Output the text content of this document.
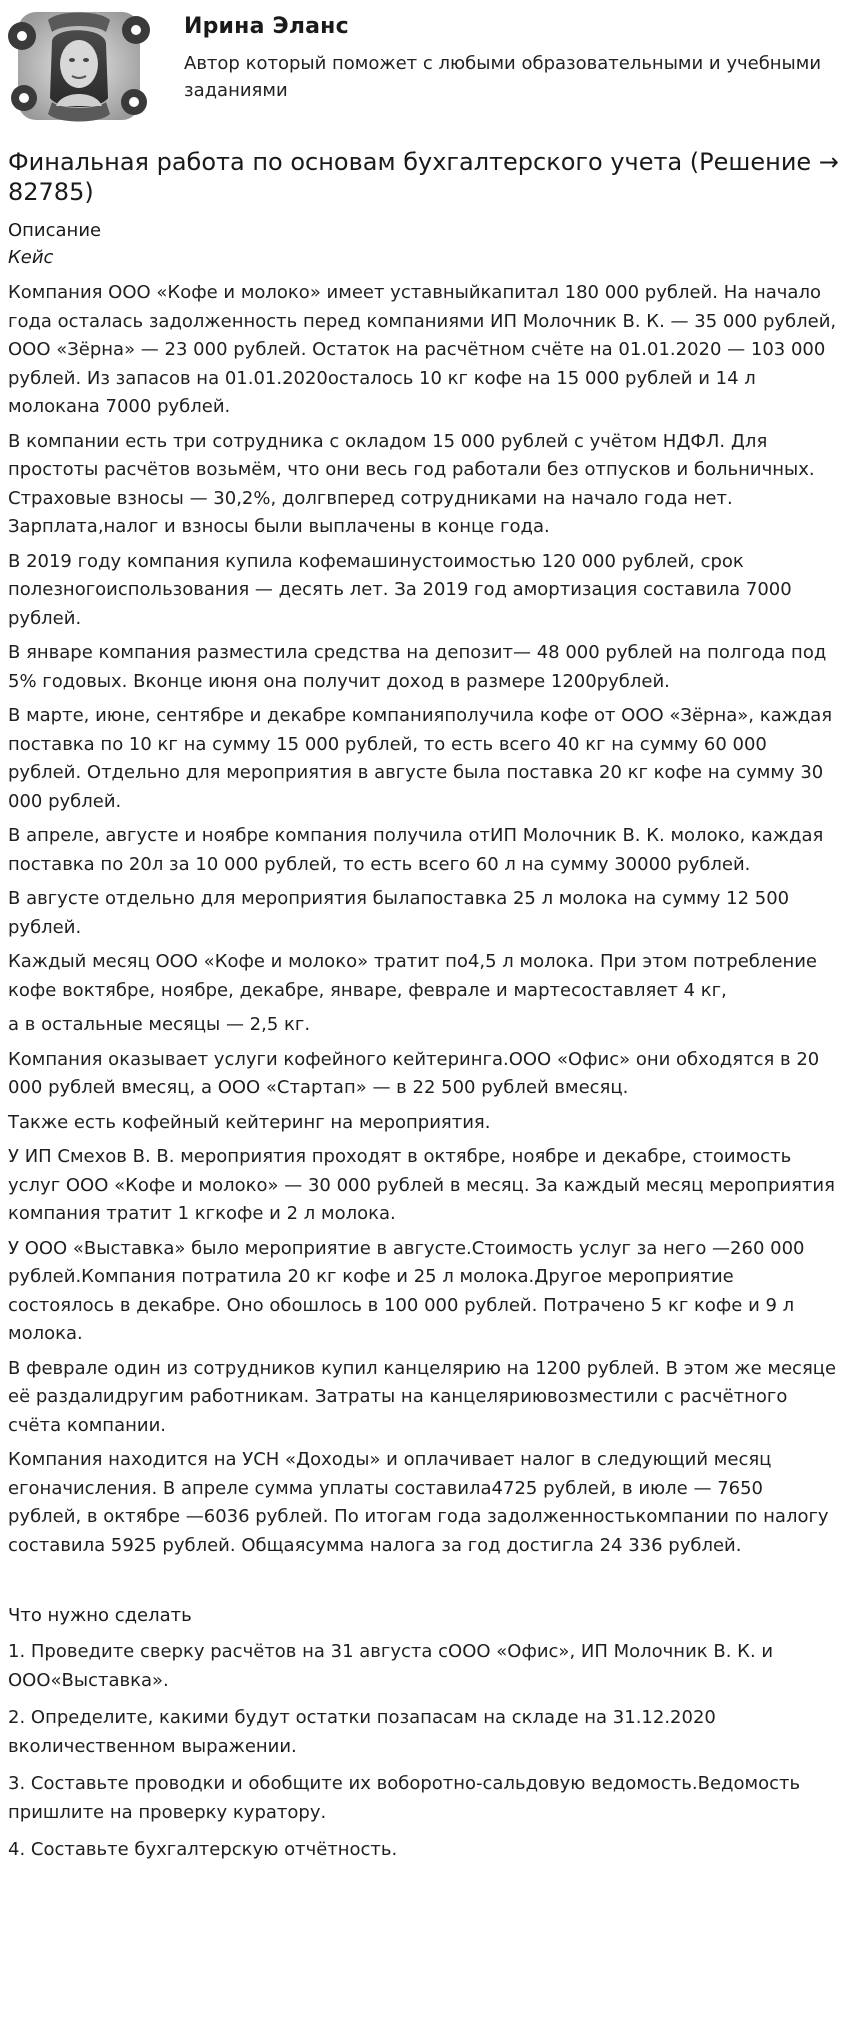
Ирина Эланс
Автор который поможет с любыми образовательными и учебными заданиями
Финальная работа по основам бухгалтерского учета (Решение → 82785)

Описание

Кейс

Компания ООО «Кофе и молоко» имеет уставныйкапитал 180 000 рублей. На начало года осталась задолженность перед компаниями ИП Молочник В. К. — 35 000 рублей, ООО «Зёрна» — 23 000 рублей. Остаток на расчётном счёте на 01.01.2020 — 103 000 рублей. Из запасов на 01.01.2020осталось 10 кг кофе на 15 000 рублей и 14 л молокана 7000 рублей.

В компании есть три сотрудника с окладом 15 000 рублей с учётом НДФЛ. Для простоты расчётов возьмём, что они весь год работали без отпусков и больничных. Страховые взносы — 30,2%, долгвперед сотрудниками на начало года нет. Зарплата,налог и взносы были выплачены в конце года.

В 2019 году компания купила кофемашинустоимостью 120 000 рублей, срок полезногоиспользования — десять лет. За 2019 год амортизация составила 7000 рублей.

В январе компания разместила средства на депозит— 48 000 рублей на полгода под 5% годовых. Вконце июня она получит доход в размере 1200рублей.

В марте, июне, сентябре и декабре компанияполучила кофе от ООО «Зёрна», каждая поставка по 10 кг на сумму 15 000 рублей, то есть всего 40 кг на сумму 60 000 рублей. Отдельно для мероприятия в августе была поставка 20 кг кофе на сумму 30 000 рублей.

В апреле, августе и ноябре компания получила отИП Молочник В. К. молоко, каждая поставка по 20л за 10 000 рублей, то есть всего 60 л на сумму 30000 рублей.

В августе отдельно для мероприятия былапоставка 25 л молока на сумму 12 500 рублей.

Каждый месяц ООО «Кофе и молоко» тратит по4,5 л молока. При этом потребление кофе воктябре, ноябре, декабре, январе, феврале и мартесоставляет 4 кг,

а в остальные месяцы — 2,5 кг.

Компания оказывает услуги кофейного кейтеринга.ООО «Офис» они обходятся в 20 000 рублей вмесяц, а ООО «Стартап» — в 22 500 рублей вмесяц.

Также есть кофейный кейтеринг на мероприятия.

У ИП Смехов В. В. мероприятия проходят в октябре, ноябре и декабре, стоимость услуг ООО «Кофе и молоко» — 30 000 рублей в месяц. За каждый месяц мероприятия компания тратит 1 кгкофе и 2 л молока.

У ООО «Выставка» было мероприятие в августе.Стоимость услуг за него —260 000 рублей.Компания потратила 20 кг кофе и 25 л молока.Другое мероприятие состоялось в декабре. Оно обошлось в 100 000 рублей. Потрачено 5 кг кофе и 9 л молока.

В феврале один из сотрудников купил канцелярию на 1200 рублей. В этом же месяце её раздалидругим работникам. Затраты на канцеляриювозместили с расчётного счёта компании.

Компания находится на УСН «Доходы» и оплачивает налог в следующий месяц егоначисления. В апреле сумма уплаты составила4725 рублей, в июле — 7650 рублей, в октябре —6036 рублей. По итогам года задолженностькомпании по налогу составила 5925 рублей. Общаясумма налога за год достигла 24 336 рублей.

Что нужно сделать

1. Проведите сверку расчётов на 31 августа сООО «Офис», ИП Молочник В. К. и ООО«Выставка».

2. Определите, какими будут остатки позапасам на складе на 31.12.2020 вколичественном выражении.

3. Составьте проводки и обобщите их воборотно-сальдовую ведомость.Ведомость пришлите на проверку куратору.

4. Составьте бухгалтерскую отчётность.
